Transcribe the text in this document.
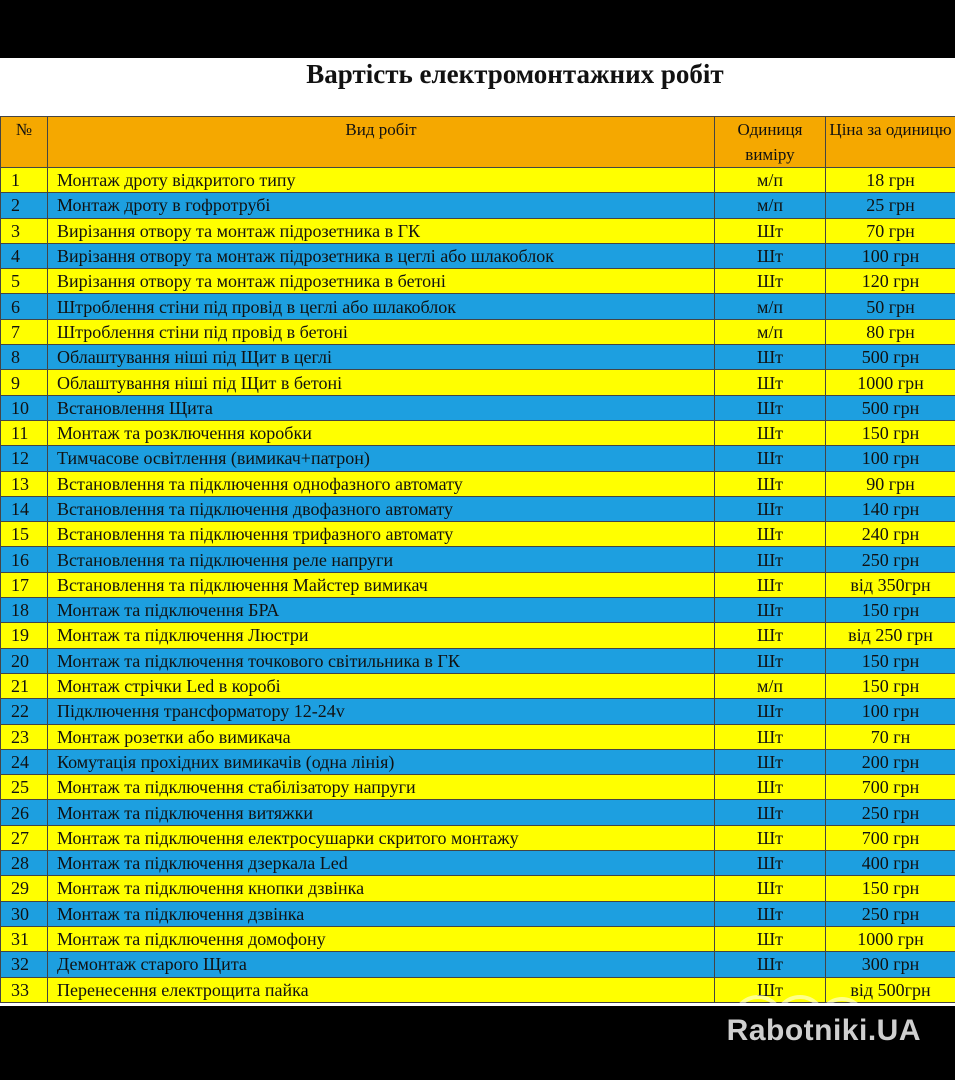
Вартість електромонтажних робіт
№	Вид робіт	Одиниця виміру	Ціна за одиницю
1	Монтаж дроту відкритого типу	м/п	18 грн
2	Монтаж дроту в гофротрубі	м/п	25 грн
3	Вирізання отвору та монтаж підрозетника в ГК	Шт	70 грн
4	Вирізання отвору та монтаж підрозетника в цеглі або шлакоблок	Шт	100 грн
5	Вирізання отвору та монтаж підрозетника в бетоні	Шт	120 грн
6	Штроблення стіни під провід в цеглі або шлакоблок	м/п	50 грн
7	Штроблення стіни під провід в бетоні	м/п	80 грн
8	Облаштування ніші під Щит в цеглі	Шт	500 грн
9	Облаштування ніші під Щит в бетоні	Шт	1000 грн
10	Встановлення Щита	Шт	500 грн
11	Монтаж та розключення коробки	Шт	150 грн
12	Тимчасове освітлення (вимикач+патрон)	Шт	100 грн
13	Встановлення та підключення однофазного автомату	Шт	90 грн
14	Встановлення та підключення двофазного автомату	Шт	140 грн
15	Встановлення та підключення трифазного автомату	Шт	240 грн
16	Встановлення та підключення реле напруги	Шт	250 грн
17	Встановлення та підключення Майстер вимикач	Шт	від 350грн
18	Монтаж та підключення БРА	Шт	150 грн
19	Монтаж та підключення Люстри	Шт	від 250 грн
20	Монтаж та підключення точкового світильника в ГК	Шт	150 грн
21	Монтаж стрічки Led в коробі	м/п	150 грн
22	Підключення трансформатору 12-24v	Шт	100 грн
23	Монтаж розетки або вимикача	Шт	70 гн
24	Комутація прохідних вимикачів (одна лінія)	Шт	200 грн
25	Монтаж та підключення стабілізатору напруги	Шт	700 грн
26	Монтаж та підключення витяжки	Шт	250 грн
27	Монтаж та підключення електросушарки скритого монтажу	Шт	700 грн
28	Монтаж та підключення дзеркала Led	Шт	400 грн
29	Монтаж та підключення кнопки дзвінка	Шт	150 грн
30	Монтаж та підключення дзвінка	Шт	250 грн
31	Монтаж та підключення домофону	Шт	1000 грн
32	Демонтаж старого Щита	Шт	300 грн
33	Перенесення електрощита пайка	Шт	від 500грн
Rabotniki.UA
